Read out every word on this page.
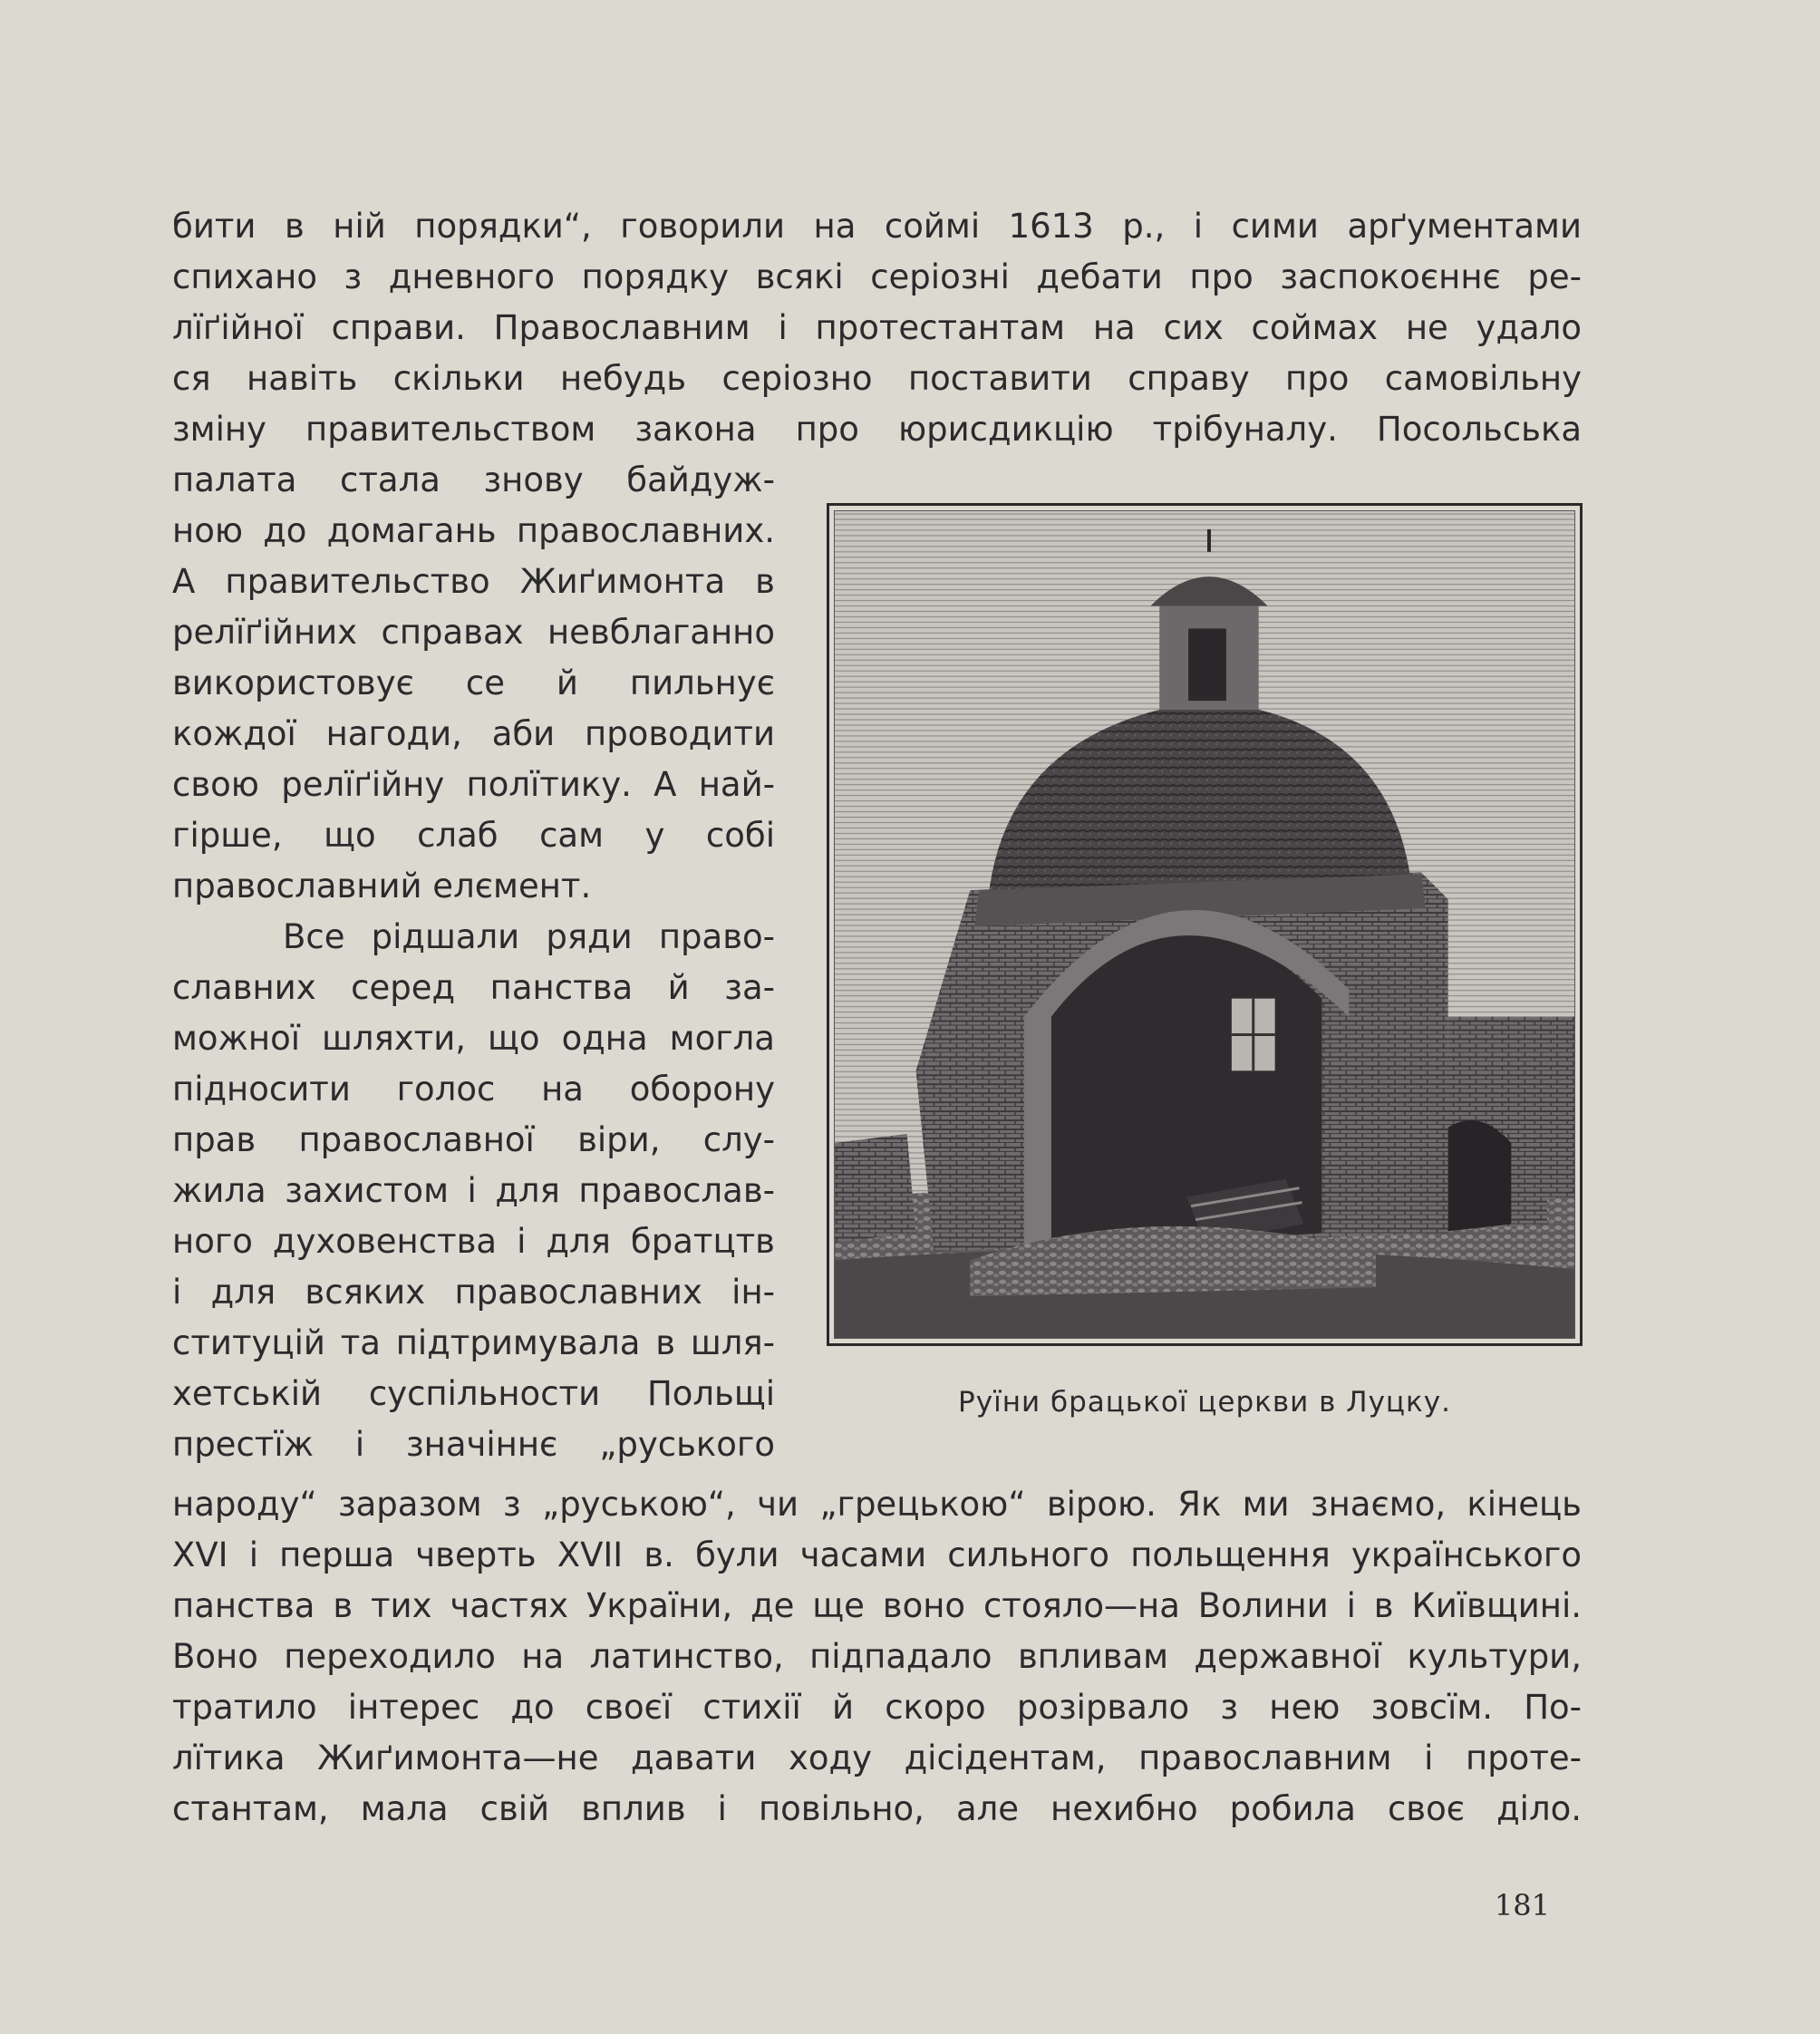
бити в ній порядки“, говорили на соймі 1613 р., і сими арґументами
спихано з дневного порядку всякі серіозні дебати про заспокоєннє ре-
лїґійної справи. Православним і протестантам на сих соймах не удало
ся навіть скільки небудь серіозно поставити справу про самовільну
зміну правительством закона про юрисдикцію трібуналу. Посольська
палата стала знову байдуж-
ною до домагань православних.
А правительство Жиґимонта в
релїґійних справах невблаганно
використовує се й пильнує
кождої нагоди, аби проводити
свою релїґійну полїтику. А най-
гірше, що слаб сам у собі
православний елємент.
Все рідшали ряди право-
славних серед панства й за-
можної шляхти, що одна могла
підносити голос на оборону
прав православної віри, слу-
жила захистом і для православ-
ного духовенства і для братцтв
і для всяких православних ін-
ституцій та підтримувала в шля-
хетській суспільности Польщі
престїж і значіннє „руського
народу“ заразом з „руською“, чи „грецькою“ вірою. Як ми знаємо, кінець
XVI і перша чверть XVII в. були часами сильного польщення українського
панства в тих частях України, де ще воно стояло—на Волини і в Київщині.
Воно переходило на латинство, підпадало впливам державної культури,
тратило інтерес до своєї стихії й скоро розірвало з нею зовсїм. По-
лїтика Жиґимонта—не давати ходу дісідентам, православним і проте-
стантам, мала свій вплив і повільно, але нехибно робила своє діло.
Руїни брацької церкви в Луцку.
181
